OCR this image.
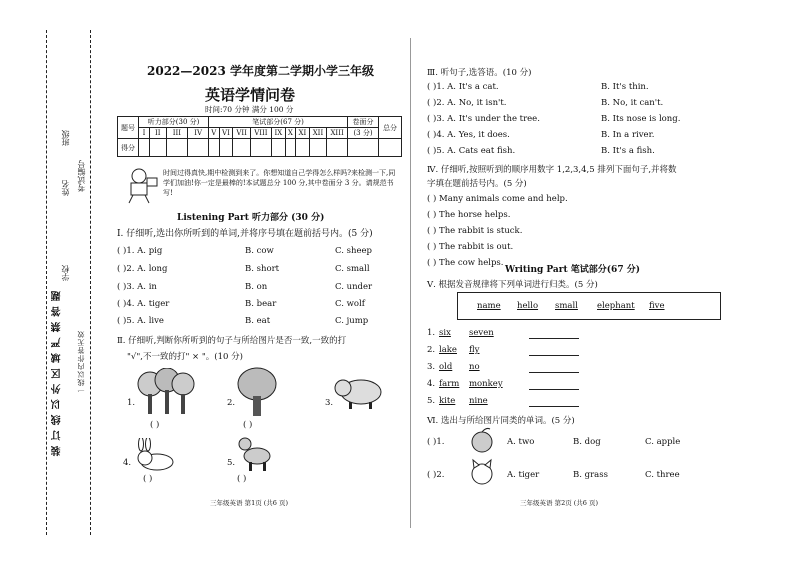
装 订 线 以 外 区 域 严 禁 答 题 一线以内作答无效
姓名
班级
学校
考试编号
2022—2023 学年度第二学期小学三年级
英语学情问卷
时间:70 分钟 满分 100 分
题号	听力部分(30 分)				笔试部分(67 分)									卷面分	总分
	I	II	III	IV	V	VI	VII	VIII	IX	X	XI	XII	XIII	(3 分)	
得分															
时间过得真快,期中检测到来了。你想知道自己学得怎么样吗?来检测一下,同学们加油!你一定是最棒的!本试题总分 100 分,其中卷面分 3 分。请规范书写!
Listening Part 听力部分 (30 分)
Ⅰ. 仔细听,选出你所听到的单词,并将序号填在题前括号内。(5 分)
( )1. A. pig	B. cow	C. sheep
( )2. A. long	B. short	C. small
( )3. A. in	B. on	C. under
( )4. A. tiger	B. bear	C. wolf
( )5. A. live	B. eat	C. jump
Ⅱ. 仔细听,判断你所听到的句子与所给图片是否一致,一致的打
"√",不一致的打" × "。(10 分)
1.
( )
2.
( )
3.
4.
( )
5.
( )
三年级英语 第1页 (共6 页)
Ⅲ. 听句子,选答语。(10 分)
( )1. A. It's a cat.	B. It's thin.
( )2. A. No, it isn't.	B. No, it can't.
( )3. A. It's under the tree.	B. Its nose is long.
( )4. A. Yes, it does.	B. In a river.
( )5. A. Cats eat fish.	B. It's a fish.
Ⅳ. 仔细听,按照听到的顺序用数字 1,2,3,4,5 排列下面句子,并将数
字填在题前括号内。(5 分)
( ) Many animals come and help.
( ) The horse helps.
( ) The rabbit is stuck.
( ) The rabbit is out.
( ) The cow helps.
Writing Part 笔试部分(67 分)
Ⅴ. 根据发音规律将下列单词进行归类。(5 分)
name hello small elephant five
1. six seven
2. lake fly
3. old no
4. farm monkey
5. kite nine
Ⅵ. 选出与所给图片同类的单词。(5 分)
( )1.	A. two	B. dog	C. apple
( )2.	A. tiger	B. grass	C. three
三年级英语 第2页 (共6 页)
